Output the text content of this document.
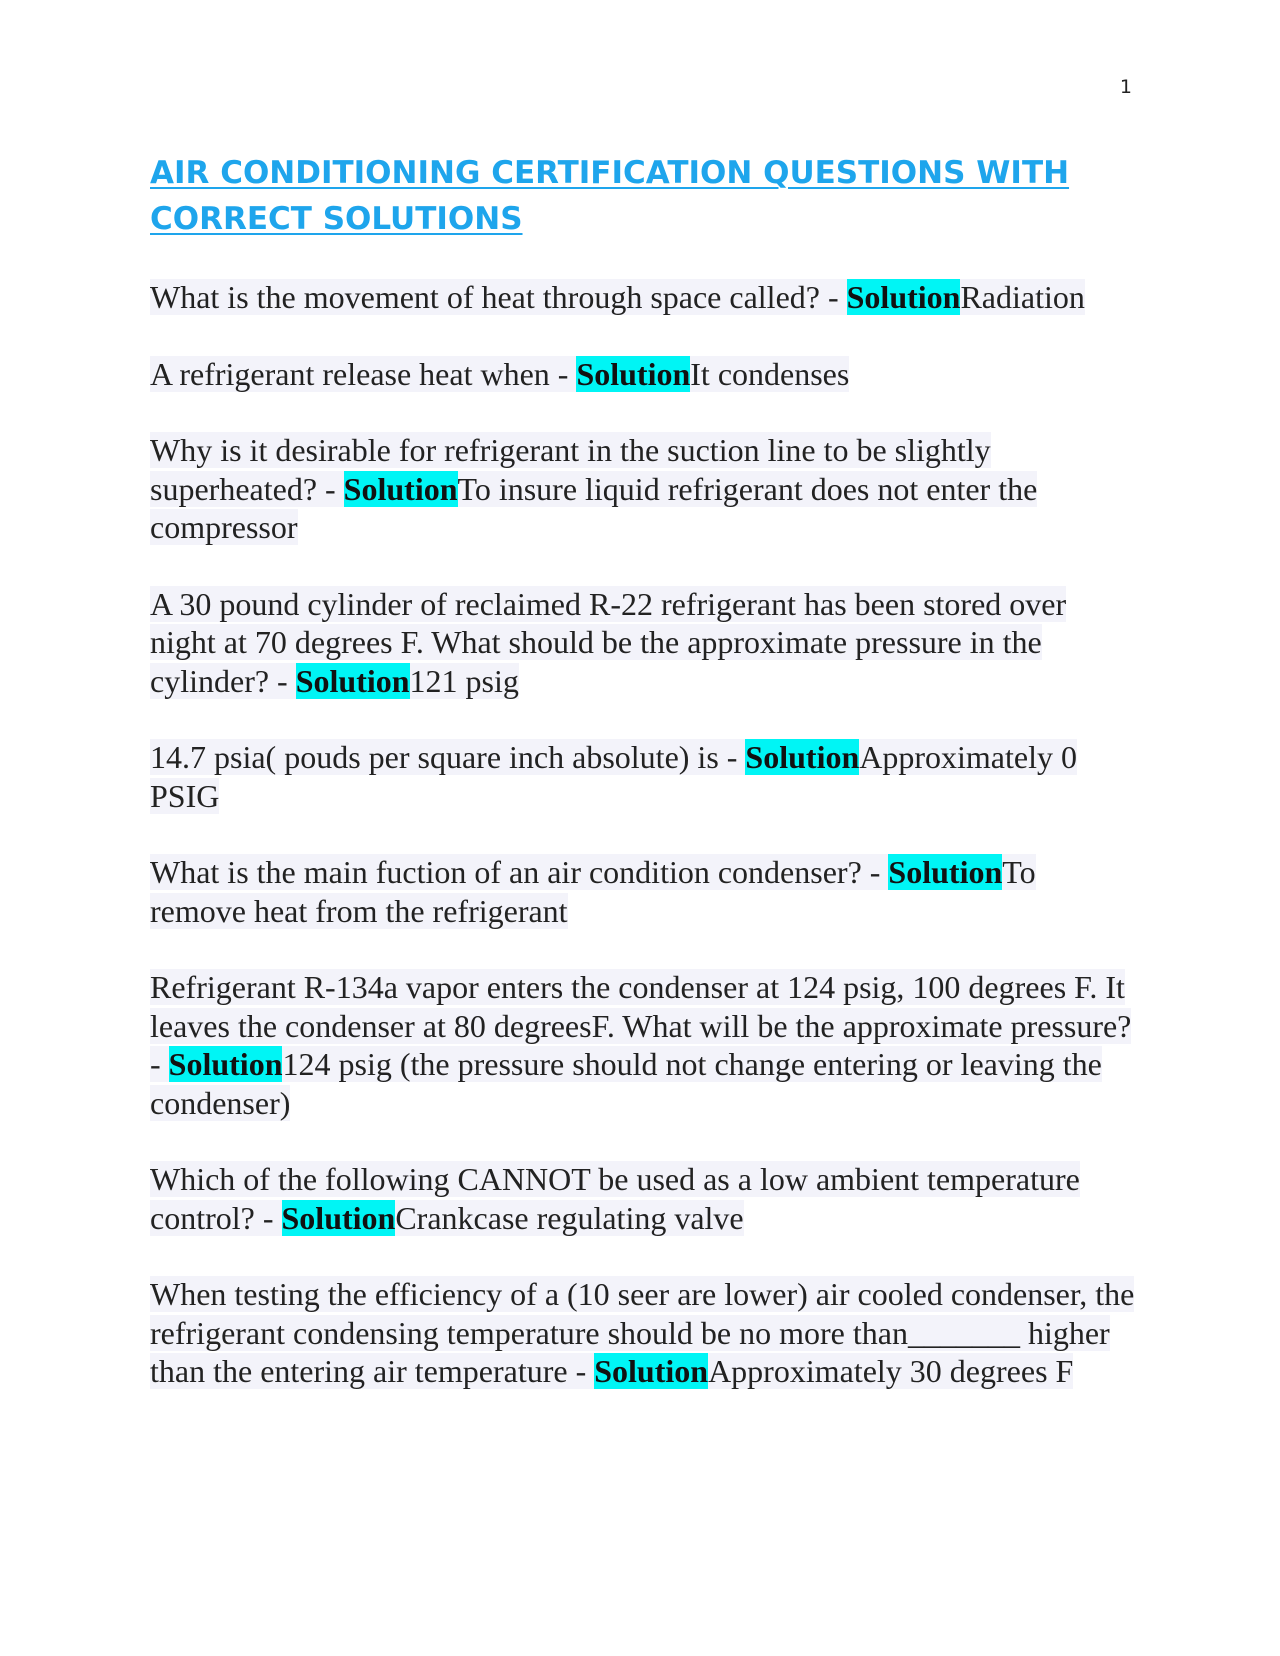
1
AIR CONDITIONING CERTIFICATION QUESTIONS WITH CORRECT SOLUTIONS

What is the movement of heat through space called? - SolutionRadiation

A refrigerant release heat when - SolutionIt condenses

Why is it desirable for refrigerant in the suction line to be slightly superheated? - SolutionTo insure liquid refrigerant does not enter the compressor

A 30 pound cylinder of reclaimed R-22 refrigerant has been stored over night at 70 degrees F. What should be the approximate pressure in the cylinder? - Solution121 psig

14.7 psia( pouds per square inch absolute) is - SolutionApproximately 0 PSIG

What is the main fuction of an air condition condenser? - SolutionTo remove heat from the refrigerant

Refrigerant R-134a vapor enters the condenser at 124 psig, 100 degrees F. It leaves the condenser at 80 degreesF. What will be the approximate pressure? - Solution124 psig (the pressure should not change entering or leaving the condenser)

Which of the following CANNOT be used as a low ambient temperature control? - SolutionCrankcase regulating valve

When testing the efficiency of a (10 seer are lower) air cooled condenser, the refrigerant condensing temperature should be no more than_______ higher than the entering air temperature - SolutionApproximately 30 degrees F
